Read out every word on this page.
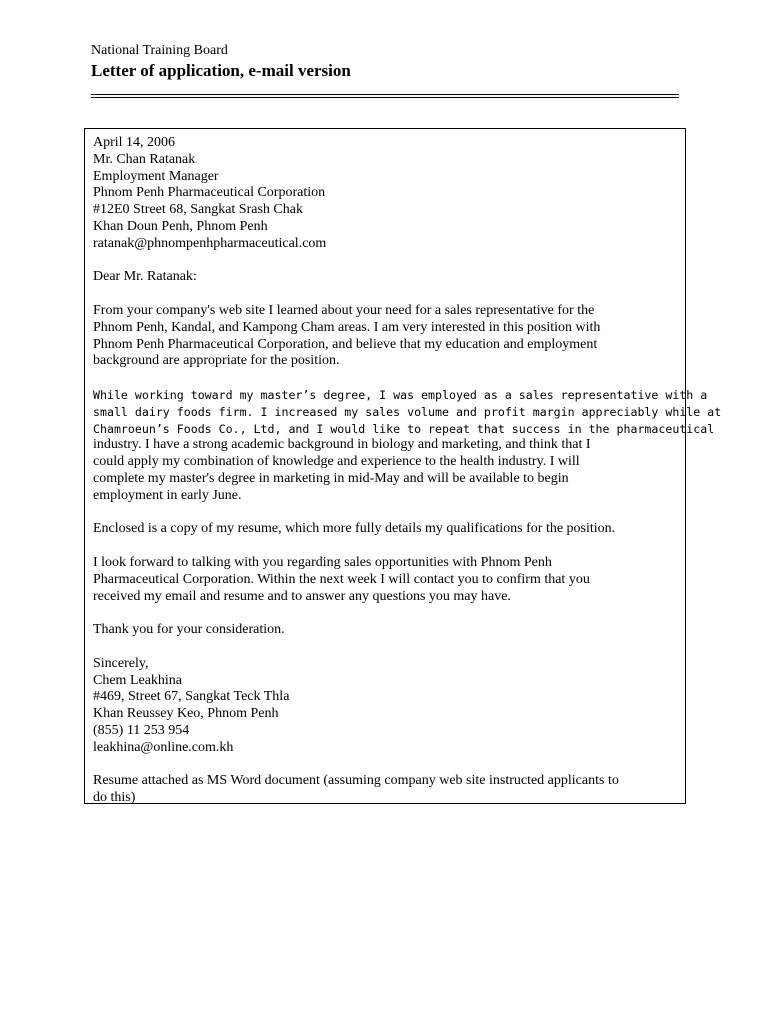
National Training Board
Letter of application, e-mail version
April 14, 2006
Mr. Chan Ratanak
Employment Manager
Phnom Penh Pharmaceutical Corporation
#12E0 Street 68, Sangkat Srash Chak
Khan Doun Penh, Phnom Penh
ratanak@phnompenhpharmaceutical.com
Dear Mr. Ratanak:
From your company's web site I learned about your need for a sales representative for the
Phnom Penh, Kandal, and Kampong Cham areas. I am very interested in this position with
Phnom Penh Pharmaceutical Corporation, and believe that my education and employment
background are appropriate for the position.
While working toward my master’s degree, I was employed as a sales representative with a
small dairy foods firm. I increased my sales volume and profit margin appreciably while at
Chamroeun’s Foods Co., Ltd, and I would like to repeat that success in the pharmaceutical
industry. I have a strong academic background in biology and marketing, and think that I
could apply my combination of knowledge and experience to the health industry. I will
complete my master's degree in marketing in mid-May and will be available to begin
employment in early June.
Enclosed is a copy of my resume, which more fully details my qualifications for the position.
I look forward to talking with you regarding sales opportunities with Phnom Penh
Pharmaceutical Corporation. Within the next week I will contact you to confirm that you
received my email and resume and to answer any questions you may have.
Thank you for your consideration.
Sincerely,
Chem Leakhina
#469, Street 67, Sangkat Teck Thla
Khan Reussey Keo, Phnom Penh
(855) 11 253 954
leakhina@online.com.kh
Resume attached as MS Word document (assuming company web site instructed applicants to
do this)
